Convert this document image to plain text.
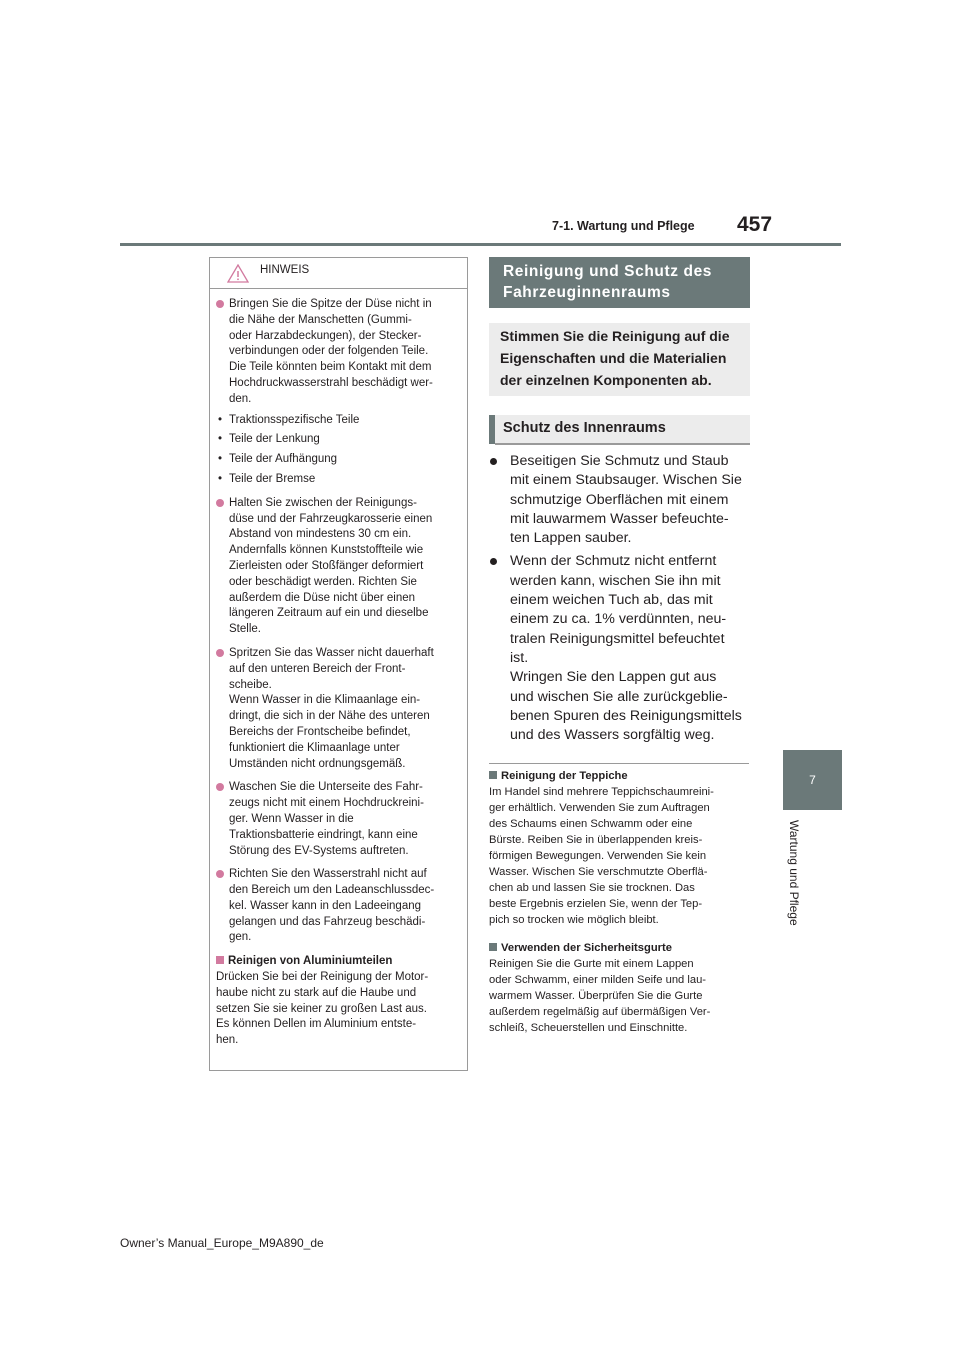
7-1. Wartung und Pflege 457
7
Wartung und Pflege
HINWEIS
Bringen Sie die Spitze der Düse nicht in
die Nähe der Manschetten (Gummi-
oder Harzabdeckungen), der Stecker-
verbindungen oder der folgenden Teile.
Die Teile könnten beim Kontakt mit dem
Hochdruckwasserstrahl beschädigt wer-
den.
• Traktionsspezifische Teile
• Teile der Lenkung
• Teile der Aufhängung
• Teile der Bremse
Halten Sie zwischen der Reinigungs-
düse und der Fahrzeugkarosserie einen
Abstand von mindestens 30 cm ein.
Andernfalls können Kunststoffteile wie
Zierleisten oder Stoßfänger deformiert
oder beschädigt werden. Richten Sie
außerdem die Düse nicht über einen
längeren Zeitraum auf ein und dieselbe
Stelle.
Spritzen Sie das Wasser nicht dauerhaft
auf den unteren Bereich der Front-
scheibe.
Wenn Wasser in die Klimaanlage ein-
dringt, die sich in der Nähe des unteren
Bereichs der Frontscheibe befindet,
funktioniert die Klimaanlage unter
Umständen nicht ordnungsgemäß.
Waschen Sie die Unterseite des Fahr-
zeugs nicht mit einem Hochdruckreini-
ger. Wenn Wasser in die
Traktionsbatterie eindringt, kann eine
Störung des EV-Systems auftreten.
Richten Sie den Wasserstrahl nicht auf
den Bereich um den Ladeanschlussdec-
kel. Wasser kann in den Ladeeingang
gelangen und das Fahrzeug beschädi-
gen.
Reinigen von Aluminiumteilen
Drücken Sie bei der Reinigung der Motor-
haube nicht zu stark auf die Haube und
setzen Sie sie keiner zu großen Last aus.
Es können Dellen im Aluminium entste-
hen.
Reinigung und Schutz des
Fahrzeuginnenraums
Stimmen Sie die Reinigung auf die
Eigenschaften und die Materialien
der einzelnen Komponenten ab.
Schutz des Innenraums
Beseitigen Sie Schmutz und Staub
mit einem Staubsauger. Wischen Sie
schmutzige Oberflächen mit einem
mit lauwarmem Wasser befeuchte-
ten Lappen sauber.
Wenn der Schmutz nicht entfernt
werden kann, wischen Sie ihn mit
einem weichen Tuch ab, das mit
einem zu ca. 1% verdünnten, neu-
tralen Reinigungsmittel befeuchtet
ist.
Wringen Sie den Lappen gut aus
und wischen Sie alle zurückgeblie-
benen Spuren des Reinigungsmittels
und des Wassers sorgfältig weg.
Reinigung der Teppiche
Im Handel sind mehrere Teppichschaumreini-
ger erhältlich. Verwenden Sie zum Auftragen
des Schaums einen Schwamm oder eine
Bürste. Reiben Sie in überlappenden kreis-
förmigen Bewegungen. Verwenden Sie kein
Wasser. Wischen Sie verschmutzte Oberflä-
chen ab und lassen Sie sie trocknen. Das
beste Ergebnis erzielen Sie, wenn der Tep-
pich so trocken wie möglich bleibt.
Verwenden der Sicherheitsgurte
Reinigen Sie die Gurte mit einem Lappen
oder Schwamm, einer milden Seife und lau-
warmem Wasser. Überprüfen Sie die Gurte
außerdem regelmäßig auf übermäßigen Ver-
schleiß, Scheuerstellen und Einschnitte.
Owner’s Manual_Europe_M9A890_de
